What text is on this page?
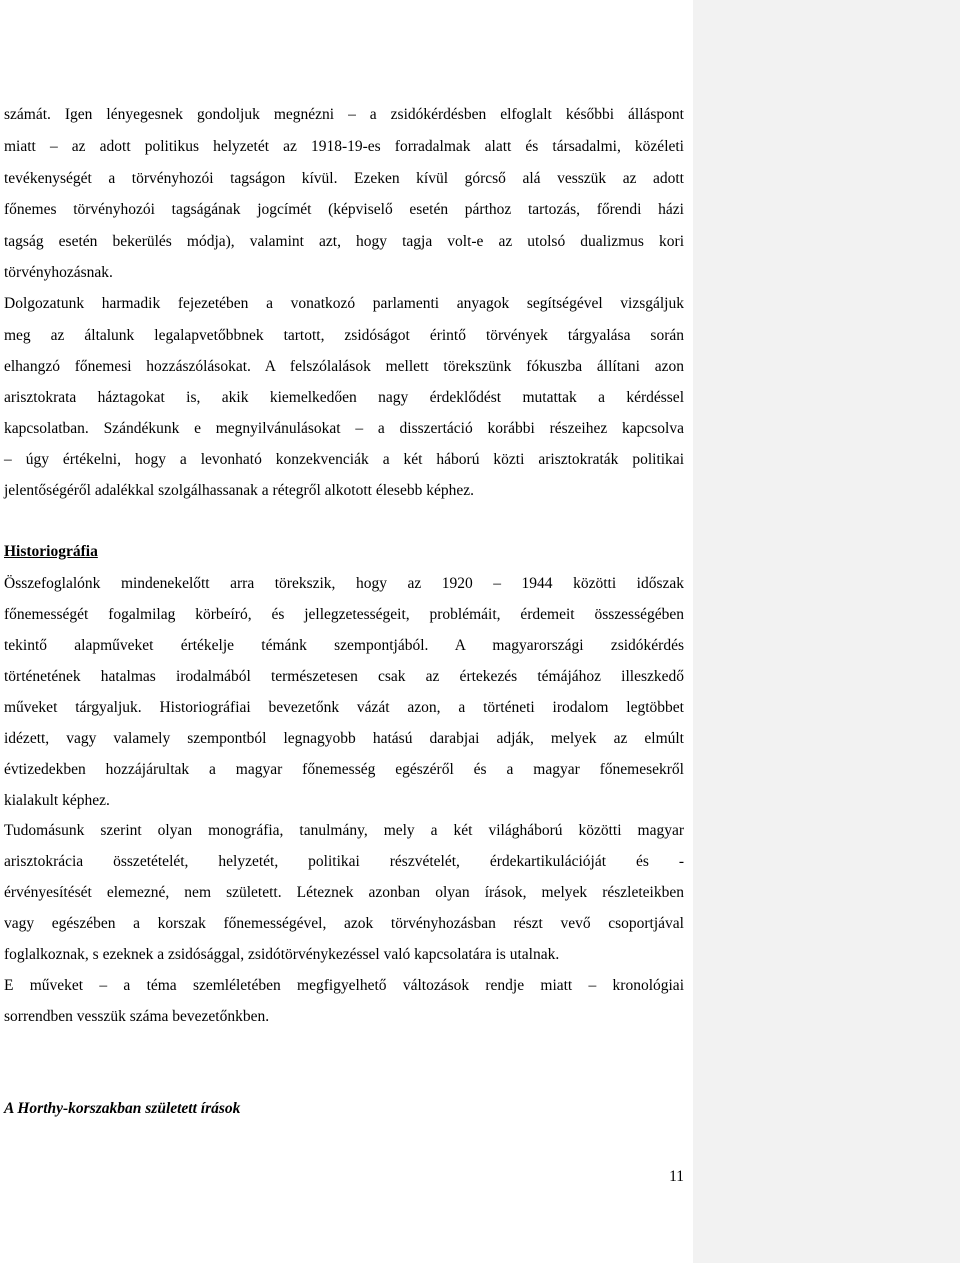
számát. Igen lényegesnek gondoljuk megnézni – a zsidókérdésben elfoglalt későbbi álláspont
miatt – az adott politikus helyzetét az 1918-19-es forradalmak alatt és társadalmi, közéleti
tevékenységét a törvényhozói tagságon kívül. Ezeken kívül górcső alá vesszük az adott
főnemes törvényhozói tagságának jogcímét (képviselő esetén párthoz tartozás, főrendi házi
tagság esetén bekerülés módja), valamint azt, hogy tagja volt-e az utolsó dualizmus kori
törvényhozásnak.
Dolgozatunk harmadik fejezetében a vonatkozó parlamenti anyagok segítségével vizsgáljuk
meg az általunk legalapvetőbbnek tartott, zsidóságot érintő törvények tárgyalása során
elhangzó főnemesi hozzászólásokat. A felszólalások mellett törekszünk fókuszba állítani azon
arisztokrata háztagokat is, akik kiemelkedően nagy érdeklődést mutattak a kérdéssel
kapcsolatban. Szándékunk e megnyilvánulásokat – a disszertáció korábbi részeihez kapcsolva
– úgy értékelni, hogy a levonható konzekvenciák a két háború közti arisztokraták politikai
jelentőségéről adalékkal szolgálhassanak a rétegről alkotott élesebb képhez.
Historiográfia
Összefoglalónk mindenekelőtt arra törekszik, hogy az 1920 – 1944 közötti időszak
főnemességét fogalmilag körbeíró, és jellegzetességeit, problémáit, érdemeit összességében
tekintő alapműveket értékelje témánk szempontjából. A magyarországi zsidókérdés
történetének hatalmas irodalmából természetesen csak az értekezés témájához illeszkedő
műveket tárgyaljuk. Historiográfiai bevezetőnk vázát azon, a történeti irodalom legtöbbet
idézett, vagy valamely szempontból legnagyobb hatású darabjai adják, melyek az elmúlt
évtizedekben hozzájárultak a magyar főnemesség egészéről és a magyar főnemesekről
kialakult képhez.
Tudomásunk szerint olyan monográfia, tanulmány, mely a két világháború közötti magyar
arisztokrácia összetételét, helyzetét, politikai részvételét, érdekartikulációját és -
érvényesítését elemezné, nem született. Léteznek azonban olyan írások, melyek részleteikben
vagy egészében a korszak főnemességével, azok törvényhozásban részt vevő csoportjával
foglalkoznak, s ezeknek a zsidósággal, zsidótörvénykezéssel való kapcsolatára is utalnak.
E műveket – a téma szemléletében megfigyelhető változások rendje miatt – kronológiai
sorrendben vesszük száma bevezetőnkben.
A Horthy-korszakban született írások
11
